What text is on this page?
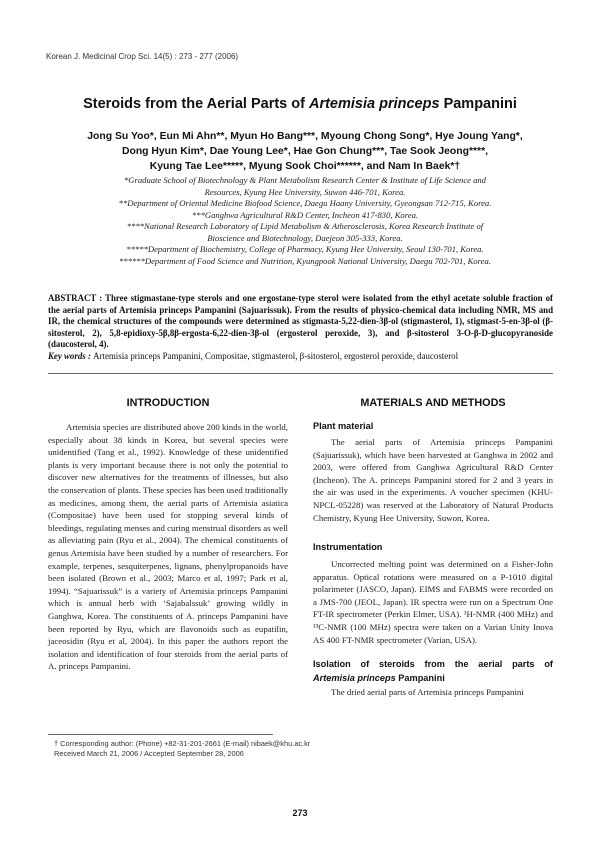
Korean J. Medicinal Crop Sci. 14(5) : 273 - 277 (2006)
Steroids from the Aerial Parts of Artemisia princeps Pampanini
Jong Su Yoo*, Eun Mi Ahn**, Myun Ho Bang***, Myoung Chong Song*, Hye Joung Yang*,
Dong Hyun Kim*, Dae Young Lee*, Hae Gon Chung***, Tae Sook Jeong****,
Kyung Tae Lee*****, Myung Sook Choi******, and Nam In Baek*†
*Graduate School of Biotechnology & Plant Metabolism Research Center & Institute of Life Science and
Resources, Kyung Hee University, Suwon 446-701, Korea.
**Department of Oriental Medicine Biofood Science, Daegu Haany University, Gyeongsan 712-715, Korea.
***Ganghwa Agricultural R&D Center, Incheon 417-830, Korea.
****National Research Laboratory of Lipid Metabolism & Atherosclerosis, Korea Research Institute of
Bioscience and Biotechnology, Daejeon 305-333, Korea.
*****Department of Biochemistry, College of Pharmacy, Kyung Hee University, Seoul 130-701, Korea.
******Department of Food Science and Nutrition, Kyungpook National University, Daegu 702-701, Korea.
ABSTRACT : Three stigmastane-type sterols and one ergostane-type sterol were isolated from the ethyl acetate soluble fraction of the aerial parts of Artemisia princeps Pampanini (Sajuarissuk). From the results of physico-chemical data including NMR, MS and IR, the chemical structures of the compounds were determined as stigmasta-5,22-dien-3β-ol (stigmasterol, 1), stigmast-5-en-3β-ol (β-sitosterol, 2), 5,8-epidioxy-5β,8β-ergosta-6,22-dien-3β-ol (ergosterol peroxide, 3), and β-sitosterol 3-O-β-D-glucopyranoside (daucosterol, 4).
Key words : Artemisia princeps Pampanini, Compositae, stigmasterol, β-sitosterol, ergosterol peroxide, daucosterol
INTRODUCTION

Artemisia species are distributed above 200 kinds in the world, especially about 38 kinds in Korea, but several species were unidentified (Tang et al., 1992). Knowledge of these unidentified plants is very important because there is not only the potential to discover new alternatives for the treatments of illnesses, but also the conservation of plants. These species has been used traditionally as medicines, among them, the aerial parts of Artemisia asiatica (Compositae) have been used for stopping several kinds of bleedings, regulating menses and curing menstrual disorders as well as alleviating pain (Ryu et al., 2004). The chemical constituents of genus Artemisia have been studied by a number of researchers. For example, terpenes, sesquiterpenes, lignans, phenylpropanoids have been isolated (Brown et al., 2003; Marco et al, 1997; Park et al, 1994). “Sajuarissuk” is a variety of Artemisia princeps Pampanini which is annual herb with ‘Sajabalssuk’ growing wildly in Ganghwa, Korea. The constituents of A. princeps Pampanini have been reported by Ryu, which are flavonoids such as eupatilin, jaceosidin (Ryu et al, 2004). In this paper the authors report the isolation and identification of four steroids from the aerial parts of A. princeps Pampanini.

MATERIALS AND METHODS
Plant material

The aerial parts of Artemisia princeps Pampanini (Sajuarissuk), which have been harvested at Ganghwa in 2002 and 2003, were offered from Ganghwa Agricultural R&D Center (Incheon). The A. princeps Pampanini stored for 2 and 3 years in the air was used in the experiments. A voucher specimen (KHU-NPCL-05228) was reserved at the Laboratory of Natural Products Chemistry, Kyung Hee University, Suwon, Korea.

Instrumentation

Uncorrected melting point was determined on a Fisher-John apparatus. Optical rotations were measured on a P-1010 digital polarimeter (JASCO, Japan). EIMS and FABMS were recorded on a JMS-700 (JEOL, Japan). IR spectra were run on a Spectrum One FT-IR spectrometer (Perkin Elmer, USA). ¹H-NMR (400 MHz) and ¹³C-NMR (100 MHz) spectra were taken on a Varian Unity Inova AS 400 FT-NMR spectrometer (Varian, USA).

Isolation of steroids from the aerial parts of
Artemisia princeps Pampanini

The dried aerial parts of Artemisia princeps Pampanini

† Corresponding author: (Phone) +82-31-201-2661 (E-mail) nibaek@khu.ac.kr
Received March 21, 2006 / Accepted September 28, 2006
273
